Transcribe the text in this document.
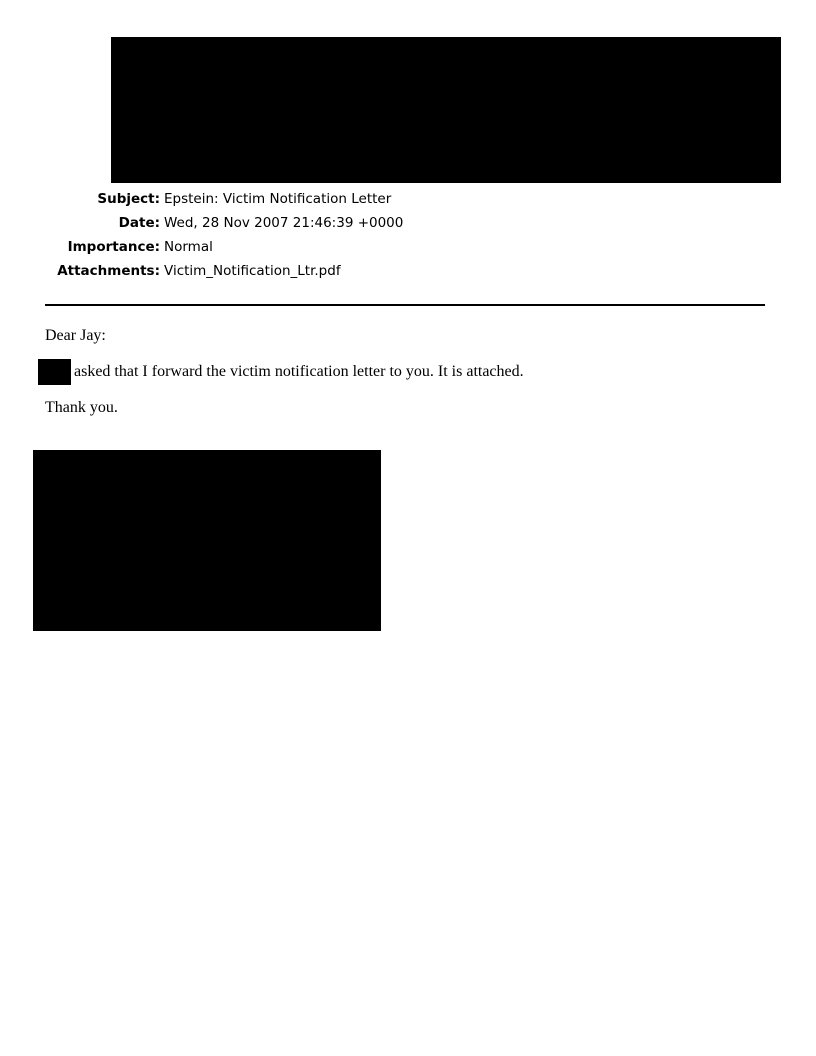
Subject: Epstein: Victim Notification Letter
Date: Wed, 28 Nov 2007 21:46:39 +0000
Importance: Normal
Attachments: Victim_Notification_Ltr.pdf
Dear Jay:
asked that I forward the victim notification letter to you. It is attached.
Thank you.
